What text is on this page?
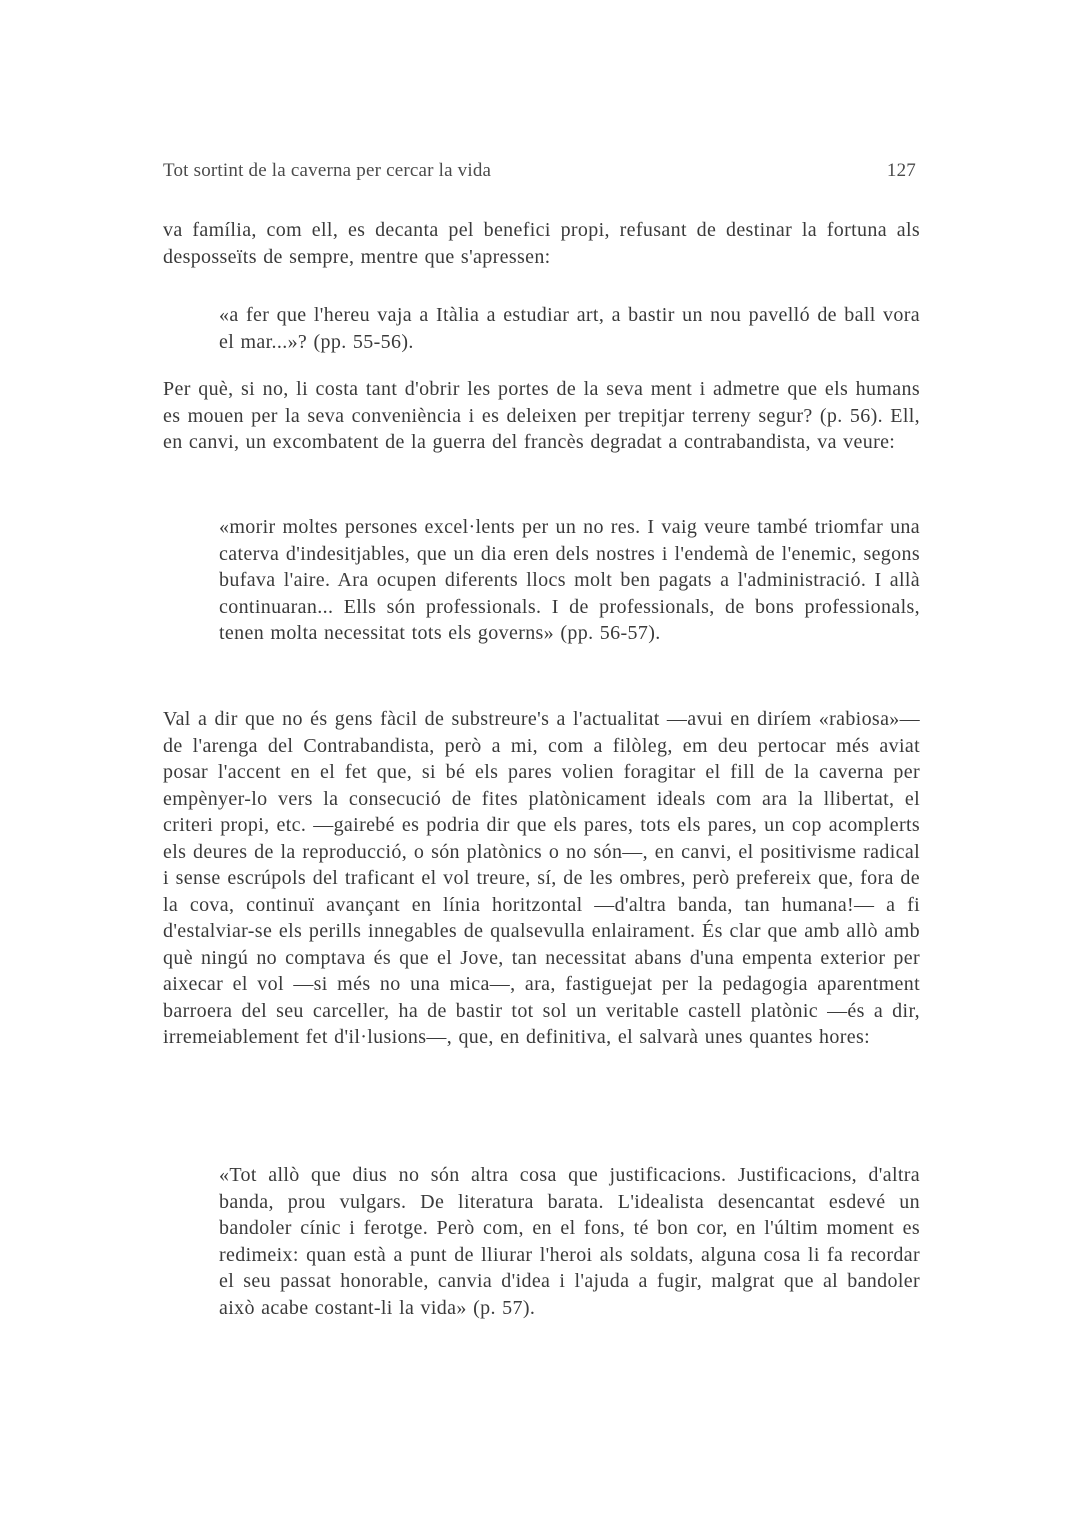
Tot sortint de la caverna per cercar la vida	127

va família, com ell, es decanta pel benefici propi, refusant de destinar la fortuna als desposseïts de sempre, mentre que s'apressen:

«a fer que l'hereu vaja a Itàlia a estudiar art, a bastir un nou pavelló de ball vora el mar...»? (pp. 55-56).

Per què, si no, li costa tant d'obrir les portes de la seva ment i admetre que els humans es mouen per la seva conveniència i es deleixen per trepitjar terreny segur? (p. 56). Ell, en canvi, un excombatent de la guerra del francès degradat a contrabandista, va veure:

«morir moltes persones excel·lents per un no res. I vaig veure també triomfar una caterva d'indesitjables, que un dia eren dels nostres i l'endemà de l'enemic, segons bufava l'aire. Ara ocupen diferents llocs molt ben pagats a l'administració. I allà continuaran... Ells són professionals. I de professionals, de bons professionals, tenen molta necessitat tots els governs» (pp. 56-57).

Val a dir que no és gens fàcil de substreure's a l'actualitat —avui en diríem «rabiosa»— de l'arenga del Contrabandista, però a mi, com a filòleg, em deu pertocar més aviat posar l'accent en el fet que, si bé els pares volien foragitar el fill de la caverna per empènyer-lo vers la consecució de fites platònicament ideals com ara la llibertat, el criteri propi, etc. —gairebé es podria dir que els pares, tots els pares, un cop acomplerts els deures de la reproducció, o són platònics o no són—, en canvi, el positivisme radical i sense escrúpols del traficant el vol treure, sí, de les ombres, però prefereix que, fora de la cova, continuï avançant en línia horitzontal —d'altra banda, tan humana!— a fi d'estalviar-se els perills innegables de qualsevulla enlairament. És clar que amb allò amb què ningú no comptava és que el Jove, tan necessitat abans d'una empenta exterior per aixecar el vol —si més no una mica—, ara, fastiguejat per la pedagogia aparentment barroera del seu carceller, ha de bastir tot sol un veritable castell platònic —és a dir, irremeiablement fet d'il·lusions—, que, en definitiva, el salvarà unes quantes hores:

«Tot allò que dius no són altra cosa que justificacions. Justificacions, d'altra banda, prou vulgars. De literatura barata. L'idealista desencantat esdevé un bandoler cínic i ferotge. Però com, en el fons, té bon cor, en l'últim moment es redimeix: quan està a punt de lliurar l'heroi als soldats, alguna cosa li fa recordar el seu passat honorable, canvia d'idea i l'ajuda a fugir, malgrat que al bandoler això acabe costant-li la vida» (p. 57).
